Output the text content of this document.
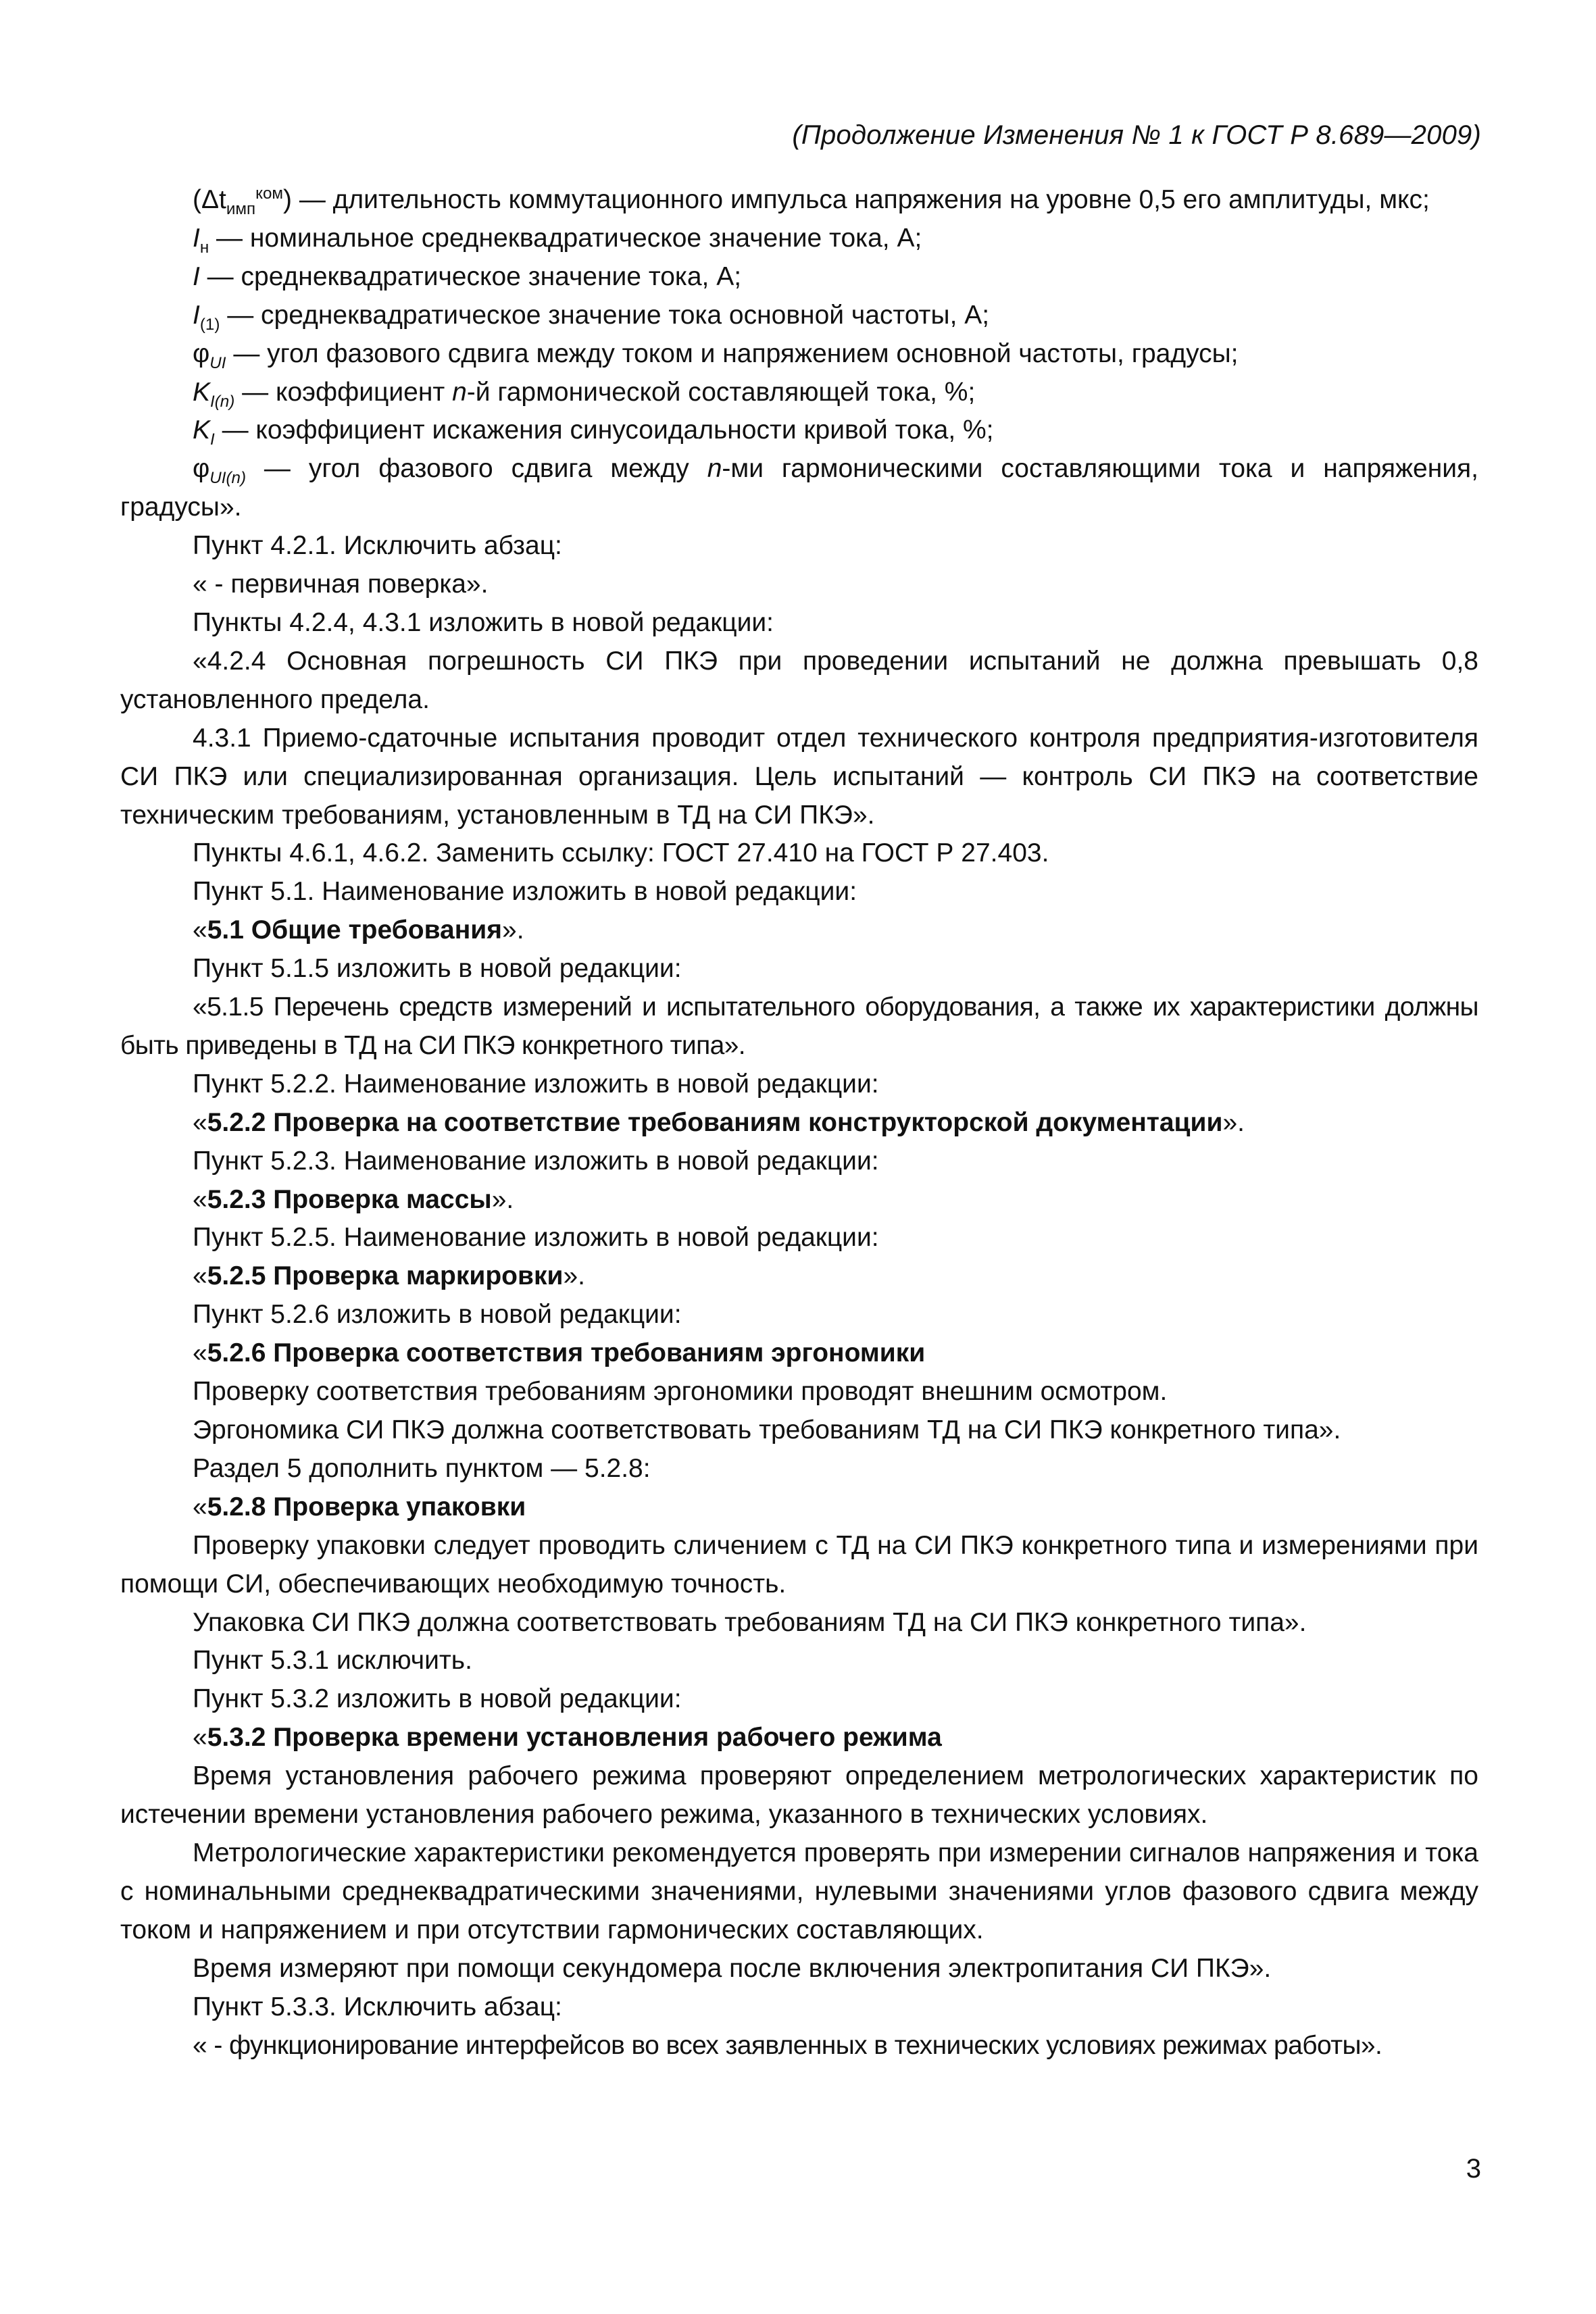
(Продолжение Изменения № 1 к ГОСТ Р 8.689—2009)

$(\Delta t_{имп}^{ком})$ — длительность коммутационного импульса напряжения на уровне 0,5 его амплитуды, мкс;

$I_н$ — номинальное среднеквадратическое значение тока, А;

I — среднеквадратическое значение тока, А;

$I_{(1)}$ — среднеквадратическое значение тока основной частоты, А;

$\varphi_{UI}$ — угол фазового сдвига между током и напряжением основной частоты, градусы;

$K_{I(n)}$ — коэффициент n-й гармонической составляющей тока, %;

$K_I$ — коэффициент искажения синусоидальности кривой тока, %;

$\varphi_{UI(n)}$ — угол фазового сдвига между n-ми гармоническими составляющими тока и напряжения, градусы».

Пункт 4.2.1. Исключить абзац:

« - первичная поверка».

Пункты 4.2.4, 4.3.1 изложить в новой редакции:

«4.2.4 Основная погрешность СИ ПКЭ при проведении испытаний не должна превышать 0,8 установленного предела.

4.3.1 Приемо-сдаточные испытания проводит отдел технического контроля предприятия-изготовителя СИ ПКЭ или специализированная организация. Цель испытаний — контроль СИ ПКЭ на соответствие техническим требованиям, установленным в ТД на СИ ПКЭ».

Пункты 4.6.1, 4.6.2. Заменить ссылку: ГОСТ 27.410 на ГОСТ Р 27.403.

Пункт 5.1. Наименование изложить в новой редакции:

«5.1 Общие требования».

Пункт 5.1.5 изложить в новой редакции:

«5.1.5 Перечень средств измерений и испытательного оборудования, а также их характеристики должны быть приведены в ТД на СИ ПКЭ конкретного типа».

Пункт 5.2.2. Наименование изложить в новой редакции:

«5.2.2 Проверка на соответствие требованиям конструкторской документации».

Пункт 5.2.3. Наименование изложить в новой редакции:

«5.2.3 Проверка массы».

Пункт 5.2.5. Наименование изложить в новой редакции:

«5.2.5 Проверка маркировки».

Пункт 5.2.6 изложить в новой редакции:

«5.2.6 Проверка соответствия требованиям эргономики

Проверку соответствия требованиям эргономики проводят внешним осмотром.

Эргономика СИ ПКЭ должна соответствовать требованиям ТД на СИ ПКЭ конкретного типа».

Раздел 5 дополнить пунктом — 5.2.8:

«5.2.8 Проверка упаковки

Проверку упаковки следует проводить сличением с ТД на СИ ПКЭ конкретного типа и измерениями при помощи СИ, обеспечивающих необходимую точность.

Упаковка СИ ПКЭ должна соответствовать требованиям ТД на СИ ПКЭ конкретного типа».

Пункт 5.3.1 исключить.

Пункт 5.3.2 изложить в новой редакции:

«5.3.2 Проверка времени установления рабочего режима

Время установления рабочего режима проверяют определением метрологических характеристик по истечении времени установления рабочего режима, указанного в технических условиях.

Метрологические характеристики рекомендуется проверять при измерении сигналов напряжения и тока с номинальными среднеквадратическими значениями, нулевыми значениями углов фазового сдвига между током и напряжением и при отсутствии гармонических составляющих.

Время измеряют при помощи секундомера после включения электропитания СИ ПКЭ».

Пункт 5.3.3. Исключить абзац:

« - функционирование интерфейсов во всех заявленных в технических условиях режимах работы».

3
